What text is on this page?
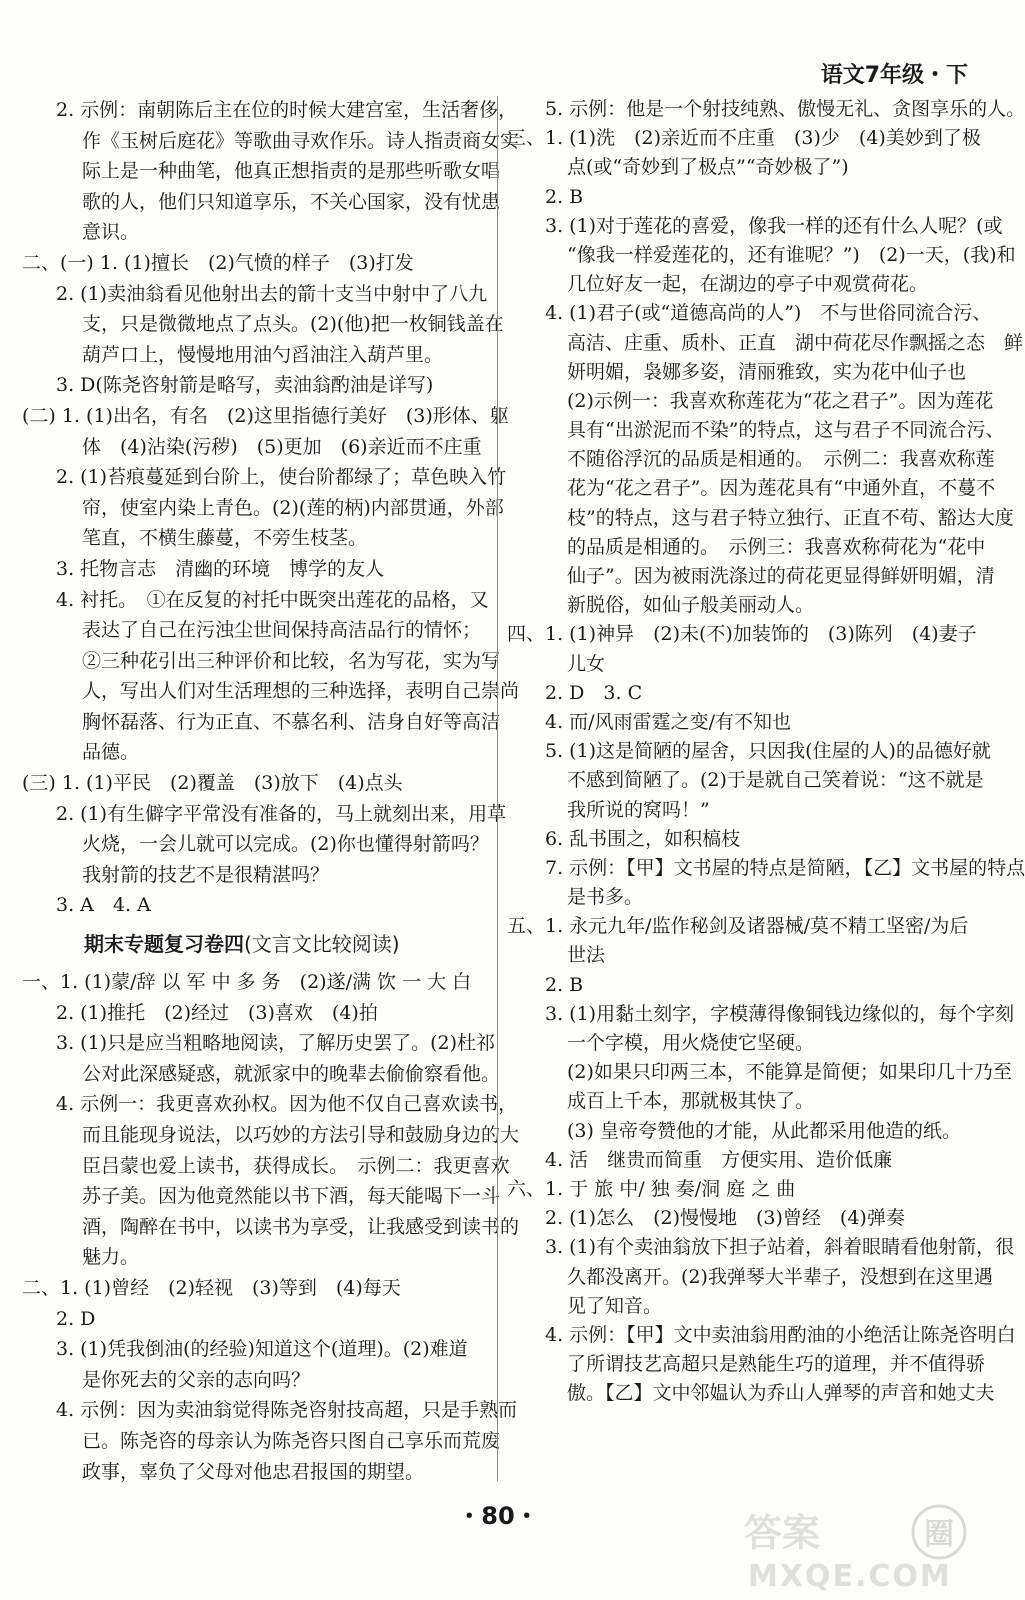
语文7年级・下
2. 示例：南朝陈后主在位的时候大建宫室，生活奢侈，
作《玉树后庭花》等歌曲寻欢作乐。诗人指责商女实
际上是一种曲笔，他真正想指责的是那些听歌女唱
歌的人，他们只知道享乐，不关心国家，没有忧患
意识。
二、(一) 1. (1)擅长　(2)气愤的样子　(3)打发
2. (1)卖油翁看见他射出去的箭十支当中射中了八九
支，只是微微地点了点头。(2)(他)把一枚铜钱盖在
葫芦口上，慢慢地用油勺舀油注入葫芦里。
3. D(陈尧咨射箭是略写，卖油翁酌油是详写)
(二) 1. (1)出名，有名　(2)这里指德行美好　(3)形体、躯
体　(4)沾染(污秽)　(5)更加　(6)亲近而不庄重
2. (1)苔痕蔓延到台阶上，使台阶都绿了；草色映入竹
帘，使室内染上青色。(2)(莲的柄)内部贯通，外部
笔直，不横生藤蔓，不旁生枝茎。
3. 托物言志　清幽的环境　博学的友人
4. 衬托。　①在反复的衬托中既突出莲花的品格，又
表达了自己在污浊尘世间保持高洁品行的情怀；
②三种花引出三种评价和比较，名为写花，实为写
人，写出人们对生活理想的三种选择，表明自己崇尚
胸怀磊落、行为正直、不慕名利、洁身自好等高洁
品德。
(三) 1. (1)平民　(2)覆盖　(3)放下　(4)点头
2. (1)有生僻字平常没有准备的，马上就刻出来，用草
火烧，一会儿就可以完成。(2)你也懂得射箭吗？
我射箭的技艺不是很精湛吗？
3. A　4. A
期末专题复习卷四(文言文比较阅读)
一、1. (1)蒙/辞 以 军 中 多 务　(2)遂/满 饮 一 大 白
2. (1)推托　(2)经过　(3)喜欢　(4)拍
3. (1)只是应当粗略地阅读，了解历史罢了。(2)杜祁
公对此深感疑惑，就派家中的晚辈去偷偷察看他。
4. 示例一：我更喜欢孙权。因为他不仅自己喜欢读书，
而且能现身说法，以巧妙的方法引导和鼓励身边的大
臣吕蒙也爱上读书，获得成长。　示例二：我更喜欢
苏子美。因为他竟然能以书下酒，每天能喝下一斗
酒，陶醉在书中，以读书为享受，让我感受到读书的
魅力。
二、1. (1)曾经　(2)轻视　(3)等到　(4)每天
2. D
3. (1)凭我倒油(的经验)知道这个(道理)。(2)难道
是你死去的父亲的志向吗？
4. 示例：因为卖油翁觉得陈尧咨射技高超，只是手熟而
已。陈尧咨的母亲认为陈尧咨只图自己享乐而荒废
政事，辜负了父母对他忠君报国的期望。
5. 示例：他是一个射技纯熟、傲慢无礼、贪图享乐的人。
三、1. (1)洗　(2)亲近而不庄重　(3)少　(4)美妙到了极
点(或“奇妙到了极点”“奇妙极了”)
2. B
3. (1)对于莲花的喜爱，像我一样的还有什么人呢？(或
“像我一样爱莲花的，还有谁呢？”)　(2)一天，(我)和
几位好友一起，在湖边的亭子中观赏荷花。
4. (1)君子(或“道德高尚的人”)　不与世俗同流合污、
高洁、庄重、质朴、正直　湖中荷花尽作飘摇之态　鲜
妍明媚，袅娜多姿，清丽雅致，实为花中仙子也
(2)示例一：我喜欢称莲花为“花之君子”。因为莲花
具有“出淤泥而不染”的特点，这与君子不同流合污、
不随俗浮沉的品质是相通的。　示例二：我喜欢称莲
花为“花之君子”。因为莲花具有“中通外直，不蔓不
枝”的特点，这与君子特立独行、正直不苟、豁达大度
的品质是相通的。　示例三：我喜欢称荷花为“花中
仙子”。因为被雨洗涤过的荷花更显得鲜妍明媚，清
新脱俗，如仙子般美丽动人。
四、1. (1)神异　(2)未(不)加装饰的　(3)陈列　(4)妻子
儿女
2. D　3. C
4. 而/风雨雷霆之变/有不知也
5. (1)这是简陋的屋舍，只因我(住屋的人)的品德好就
不感到简陋了。(2)于是就自己笑着说：“这不就是
我所说的窝吗！”
6. 乱书围之，如积槁枝
7. 示例：【甲】文书屋的特点是简陋，【乙】文书屋的特点
是书多。
五、1. 永元九年/监作秘剑及诸器械/莫不精工坚密/为后
世法
2. B
3. (1)用黏土刻字，字模薄得像铜钱边缘似的，每个字刻
一个字模，用火烧使它坚硬。
(2)如果只印两三本，不能算是简便；如果印几十乃至
成百上千本，那就极其快了。
(3) 皇帝夸赞他的才能，从此都采用他造的纸。
4. 活　继贵而简重　方便实用、造价低廉
六、1. 于 旅 中/ 独 奏/洞 庭 之 曲
2. (1)怎么　(2)慢慢地　(3)曾经　(4)弹奏
3. (1)有个卖油翁放下担子站着，斜着眼睛看他射箭，很
久都没离开。(2)我弹琴大半辈子，没想到在这里遇
见了知音。
4. 示例：【甲】文中卖油翁用酌油的小绝活让陈尧咨明白
了所谓技艺高超只是熟能生巧的道理，并不值得骄
傲。【乙】文中邻媪认为乔山人弹琴的声音和她丈夫
・80・	答案	圈
MXQE.COM
